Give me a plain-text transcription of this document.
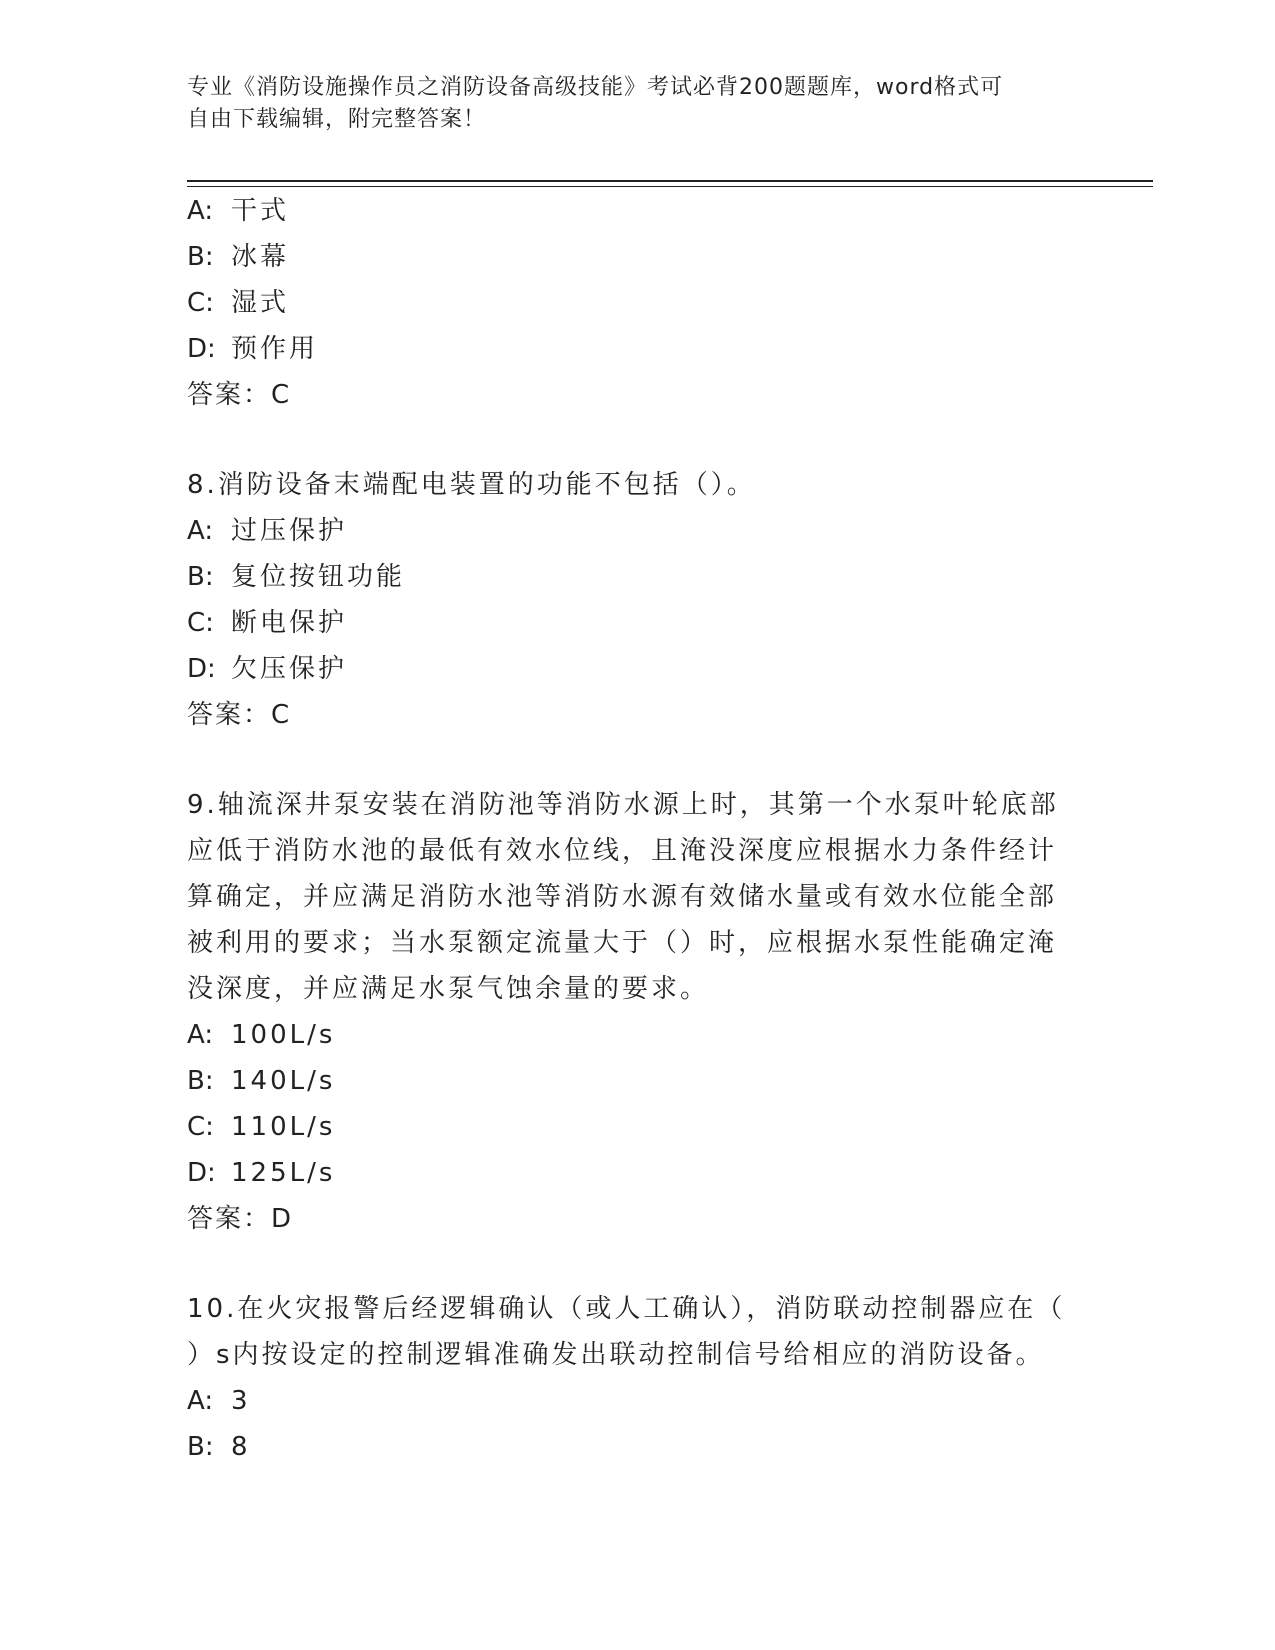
专业《消防设施操作员之消防设备高级技能》考试必背200题题库，word格式可
自由下载编辑，附完整答案！
A: 干式
B: 冰幕
C: 湿式
D: 预作用
答案：C
8.消防设备末端配电装置的功能不包括（）。
A: 过压保护
B: 复位按钮功能
C: 断电保护
D: 欠压保护
答案：C
9.轴流深井泵安装在消防池等消防水源上时，其第一个水泵叶轮底部
应低于消防水池的最低有效水位线，且淹没深度应根据水力条件经计
算确定，并应满足消防水池等消防水源有效储水量或有效水位能全部
被利用的要求；当水泵额定流量大于（）时，应根据水泵性能确定淹
没深度，并应满足水泵气蚀余量的要求。
A: 100L/s
B: 140L/s
C: 110L/s
D: 125L/s
答案：D
10.在火灾报警后经逻辑确认（或人工确认），消防联动控制器应在（
）s内按设定的控制逻辑准确发出联动控制信号给相应的消防设备。
A: 3
B: 8
